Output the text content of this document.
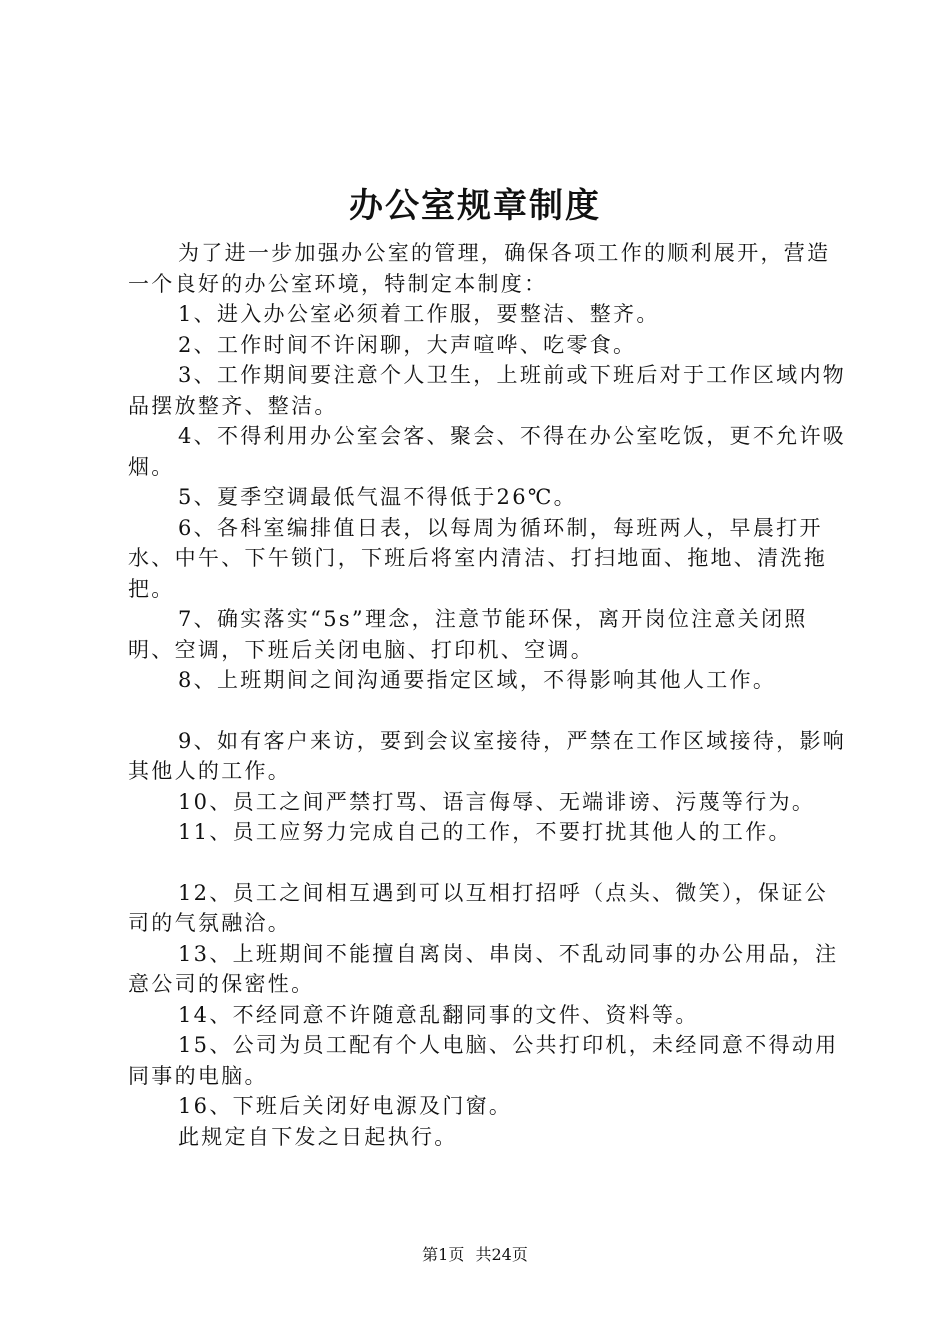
办公室规章制度

为了进一步加强办公室的管理，确保各项工作的顺利展开，营造一个良好的办公室环境，特制定本制度：

1、进入办公室必须着工作服，要整洁、整齐。

2、工作时间不许闲聊，大声喧哗、吃零食。

3、工作期间要注意个人卫生，上班前或下班后对于工作区域内物品摆放整齐、整洁。

4、不得利用办公室会客、聚会、不得在办公室吃饭，更不允许吸烟。

5、夏季空调最低气温不得低于26℃。

6、各科室编排值日表，以每周为循环制，每班两人，早晨打开水、中午、下午锁门，下班后将室内清洁、打扫地面、拖地、清洗拖把。

7、确实落实“5s”理念，注意节能环保，离开岗位注意关闭照明、空调，下班后关闭电脑、打印机、空调。

8、上班期间之间沟通要指定区域，不得影响其他人工作。

9、如有客户来访，要到会议室接待，严禁在工作区域接待，影响其他人的工作。

10、员工之间严禁打骂、语言侮辱、无端诽谤、污蔑等行为。

11、员工应努力完成自己的工作，不要打扰其他人的工作。

12、员工之间相互遇到可以互相打招呼（点头、微笑），保证公司的气氛融洽。

13、上班期间不能擅自离岗、串岗、不乱动同事的办公用品，注意公司的保密性。

14、不经同意不许随意乱翻同事的文件、资料等。

15、公司为员工配有个人电脑、公共打印机，未经同意不得动用同事的电脑。

16、下班后关闭好电源及门窗。

此规定自下发之日起执行。

第1页 共24页
